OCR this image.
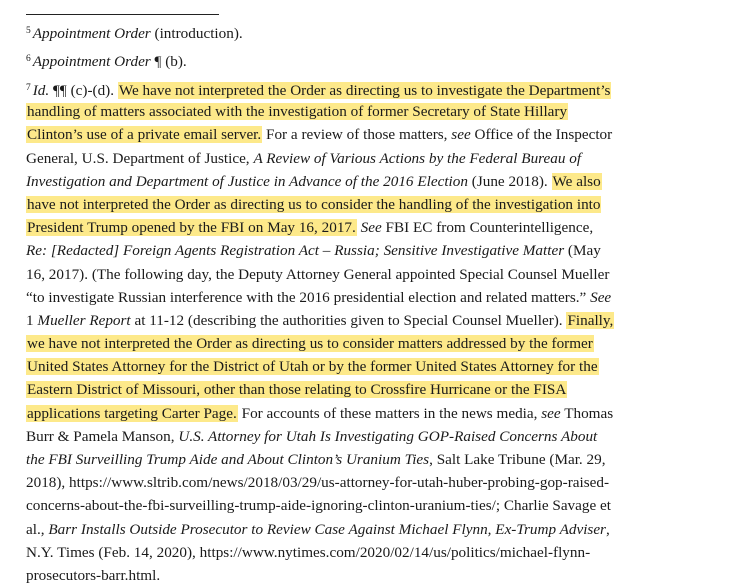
$^5$ Appointment Order (introduction).

$^6$ Appointment Order ¶ (b).

$^7$ Id. ¶¶ (c)-(d). We have not interpreted the Order as directing us to investigate the Department’s
handling of matters associated with the investigation of former Secretary of State Hillary
Clinton’s use of a private email server. For a review of those matters, see Office of the Inspector
General, U.S. Department of Justice, A Review of Various Actions by the Federal Bureau of
Investigation and Department of Justice in Advance of the 2016 Election (June 2018). We also
have not interpreted the Order as directing us to consider the handling of the investigation into
President Trump opened by the FBI on May 16, 2017. See FBI EC from Counterintelligence,
Re: [Redacted] Foreign Agents Registration Act – Russia; Sensitive Investigative Matter (May
16, 2017). (The following day, the Deputy Attorney General appointed Special Counsel Mueller
“to investigate Russian interference with the 2016 presidential election and related matters.” See
1 Mueller Report at 11-12 (describing the authorities given to Special Counsel Mueller). Finally,
we have not interpreted the Order as directing us to consider matters addressed by the former
United States Attorney for the District of Utah or by the former United States Attorney for the
Eastern District of Missouri, other than those relating to Crossfire Hurricane or the FISA
applications targeting Carter Page. For accounts of these matters in the news media, see Thomas
Burr & Pamela Manson, U.S. Attorney for Utah Is Investigating GOP-Raised Concerns About
the FBI Surveilling Trump Aide and About Clinton’s Uranium Ties, Salt Lake Tribune (Mar. 29,
2018), https://www.sltrib.com/news/2018/03/29/us-attorney-for-utah-huber-probing-gop-raised-
concerns-about-the-fbi-surveilling-trump-aide-ignoring-clinton-uranium-ties/; Charlie Savage et
al., Barr Installs Outside Prosecutor to Review Case Against Michael Flynn, Ex-Trump Adviser,
N.Y. Times (Feb. 14, 2020), https://www.nytimes.com/2020/02/14/us/politics/michael-flynn-
prosecutors-barr.html.
